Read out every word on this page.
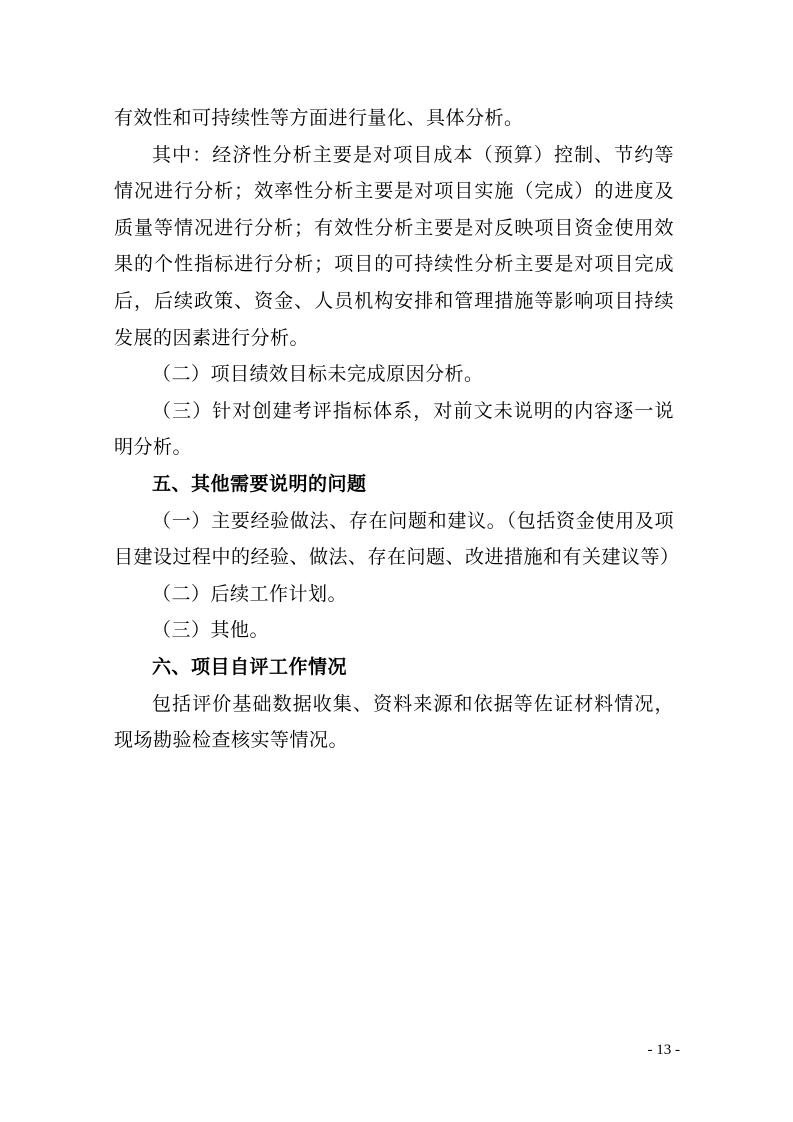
有效性和可持续性等方面进行量化、具体分析。

其中：经济性分析主要是对项目成本（预算）控制、节约等情况进行分析；效率性分析主要是对项目实施（完成）的进度及质量等情况进行分析；有效性分析主要是对反映项目资金使用效果的个性指标进行分析；项目的可持续性分析主要是对项目完成后，后续政策、资金、人员机构安排和管理措施等影响项目持续发展的因素进行分析。

（二）项目绩效目标未完成原因分析。

（三）针对创建考评指标体系，对前文未说明的内容逐一说明分析。

五、其他需要说明的问题

（一）主要经验做法、存在问题和建议。（包括资金使用及项目建设过程中的经验、做法、存在问题、改进措施和有关建议等）

（二）后续工作计划。

（三）其他。

六、项目自评工作情况

包括评价基础数据收集、资料来源和依据等佐证材料情况，现场勘验检查核实等情况。

- 13 -
